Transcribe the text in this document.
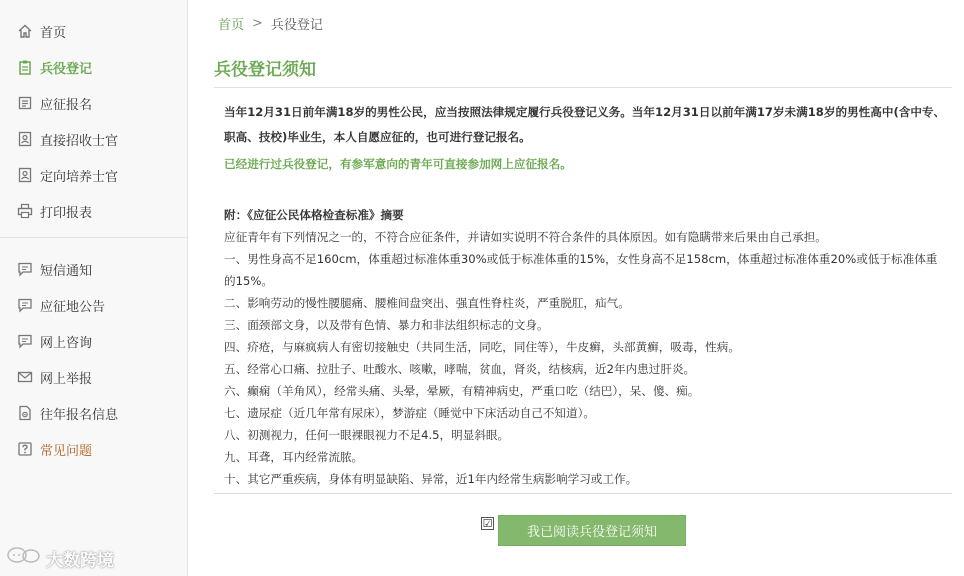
首页
兵役登记
应征报名
直接招收士官
定向培养士官
打印报表
短信通知
应征地公告
网上咨询
网上举报
往年报名信息
常见问题
首页 > 兵役登记
兵役登记须知

当年12月31日前年满18岁的男性公民，应当按照法律规定履行兵役登记义务。当年12月31日以前年满17岁未满18岁的男性高中(含中专、职高、技校)毕业生，本人自愿应征的，也可进行登记报名。

已经进行过兵役登记，有参军意向的青年可直接参加网上应征报名。

附：《应征公民体格检查标准》摘要
应征青年有下列情况之一的，不符合应征条件，并请如实说明不符合条件的具体原因。如有隐瞒带来后果由自己承担。
一、男性身高不足160cm，体重超过标准体重30%或低于标准体重的15%，女性身高不足158cm，体重超过标准体重20%或低于标准体重的15%。
二、影响劳动的慢性腰腿痛、腰椎间盘突出、强直性脊柱炎，严重脱肛，疝气。
三、面颈部文身，以及带有色情、暴力和非法组织标志的文身。
四、疥疮，与麻疯病人有密切接触史（共同生活，同吃，同住等），牛皮癣，头部黄癣，吸毒，性病。
五、经常心口痛、拉肚子、吐酸水、咳嗽，哮喘，贫血，肾炎，结核病，近2年内患过肝炎。
六、癫痫（羊角风），经常头痛、头晕，晕厥，有精神病史，严重口吃（结巴），呆、傻、痴。
七、遗尿症（近几年常有尿床），梦游症（睡觉中下床活动自己不知道）。
八、初测视力，任何一眼裸眼视力不足4.5，明显斜眼。
九、耳聋，耳内经常流脓。
十、其它严重疾病，身体有明显缺陷、异常，近1年内经常生病影响学习或工作。
☑
我已阅读兵役登记须知
大数跨境
